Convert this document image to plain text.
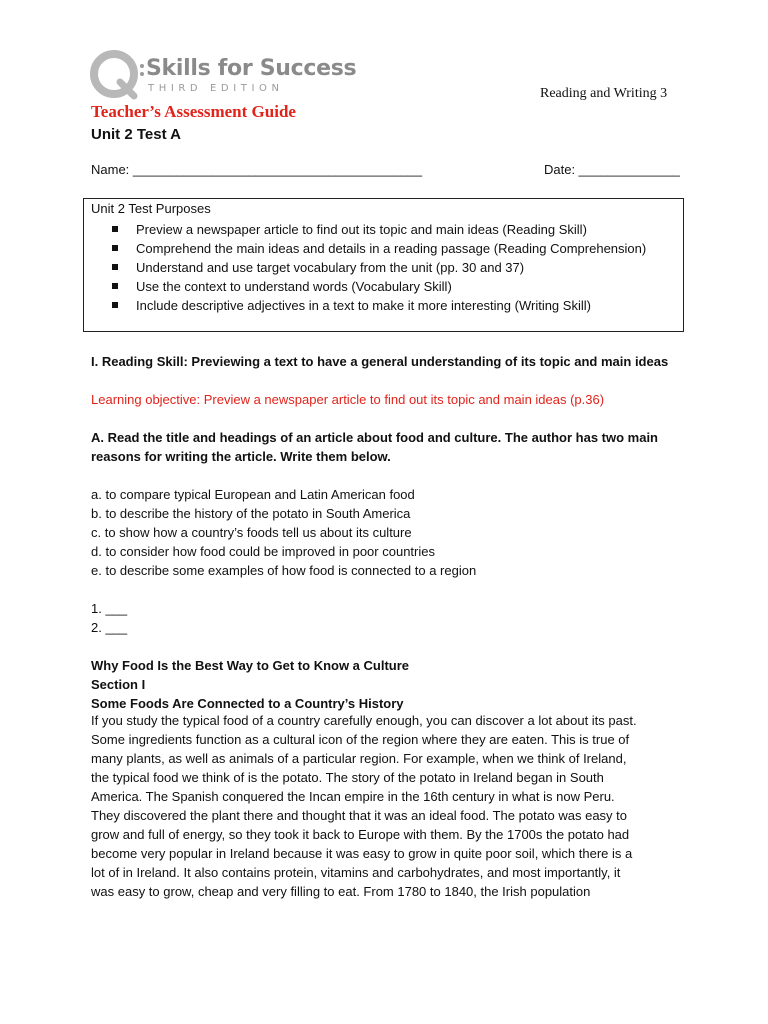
Skills for Success
THIRD EDITION	Reading and Writing 3
Teacher’s Assessment Guide
Unit 2 Test A
Name: ________________________________________	Date: ______________
Unit 2 Test Purposes
Preview a newspaper article to find out its topic and main ideas (Reading Skill)
Comprehend the main ideas and details in a reading passage (Reading Comprehension)
Understand and use target vocabulary from the unit (pp. 30 and 37)
Use the context to understand words (Vocabulary Skill)
Include descriptive adjectives in a text to make it more interesting (Writing Skill)
I. Reading Skill: Previewing a text to have a general understanding of its topic and main ideas
Learning objective: Preview a newspaper article to find out its topic and main ideas (p.36)
A. Read the title and headings of an article about food and culture. The author has two main
reasons for writing the article. Write them below.
a. to compare typical European and Latin American food
b. to describe the history of the potato in South America
c. to show how a country’s foods tell us about its culture
d. to consider how food could be improved in poor countries
e. to describe some examples of how food is connected to a region
1. ___
2. ___
Why Food Is the Best Way to Get to Know a Culture
Section I
Some Foods Are Connected to a Country’s History
If you study the typical food of a country carefully enough, you can discover a lot about its past.
Some ingredients function as a cultural icon of the region where they are eaten. This is true of
many plants, as well as animals of a particular region. For example, when we think of Ireland,
the typical food we think of is the potato. The story of the potato in Ireland began in South
America. The Spanish conquered the Incan empire in the 16th century in what is now Peru.
They discovered the plant there and thought that it was an ideal food. The potato was easy to
grow and full of energy, so they took it back to Europe with them. By the 1700s the potato had
become very popular in Ireland because it was easy to grow in quite poor soil, which there is a
lot of in Ireland. It also contains protein, vitamins and carbohydrates, and most importantly, it
was easy to grow, cheap and very filling to eat. From 1780 to 1840, the Irish population
